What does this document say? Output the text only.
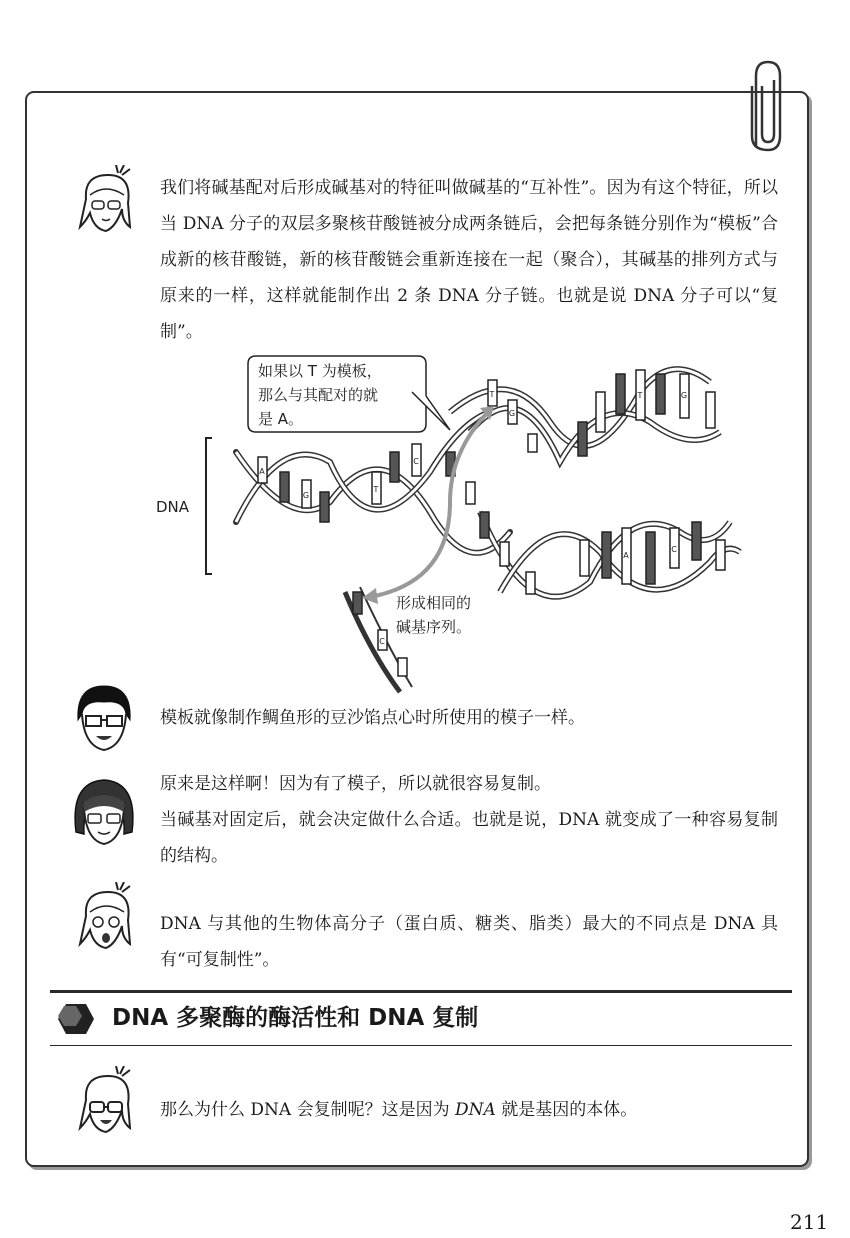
我们将碱基配对后形成碱基对的特征叫做碱基的“互补性”。因为有这个特征，所以当 DNA 分子的双层多聚核苷酸链被分成两条链后，会把每条链分别作为“模板”合成新的核苷酸链，新的核苷酸链会重新连接在一起（聚合），其碱基的排列方式与原来的一样，这样就能制作出 2 条 DNA 分子链。也就是说 DNA 分子可以“复制”。

DNA
A
G
T
C
T
G
T	G
A
C
C
如果以 T 为模板，
那么与其配对的就
是 A。
形成相同的
碱基序列。

模板就像制作鲷鱼形的豆沙馅点心时所使用的模子一样。

原来是这样啊！因为有了模子，所以就很容易复制。

当碱基对固定后，就会决定做什么合适。也就是说，DNA 就变成了一种容易复制的结构。

DNA 与其他的生物体高分子（蛋白质、糖类、脂类）最大的不同点是 DNA 具有“可复制性”。

DNA 多聚酶的酶活性和 DNA 复制

那么为什么 DNA 会复制呢？这是因为 DNA 就是基因的本体。

211
